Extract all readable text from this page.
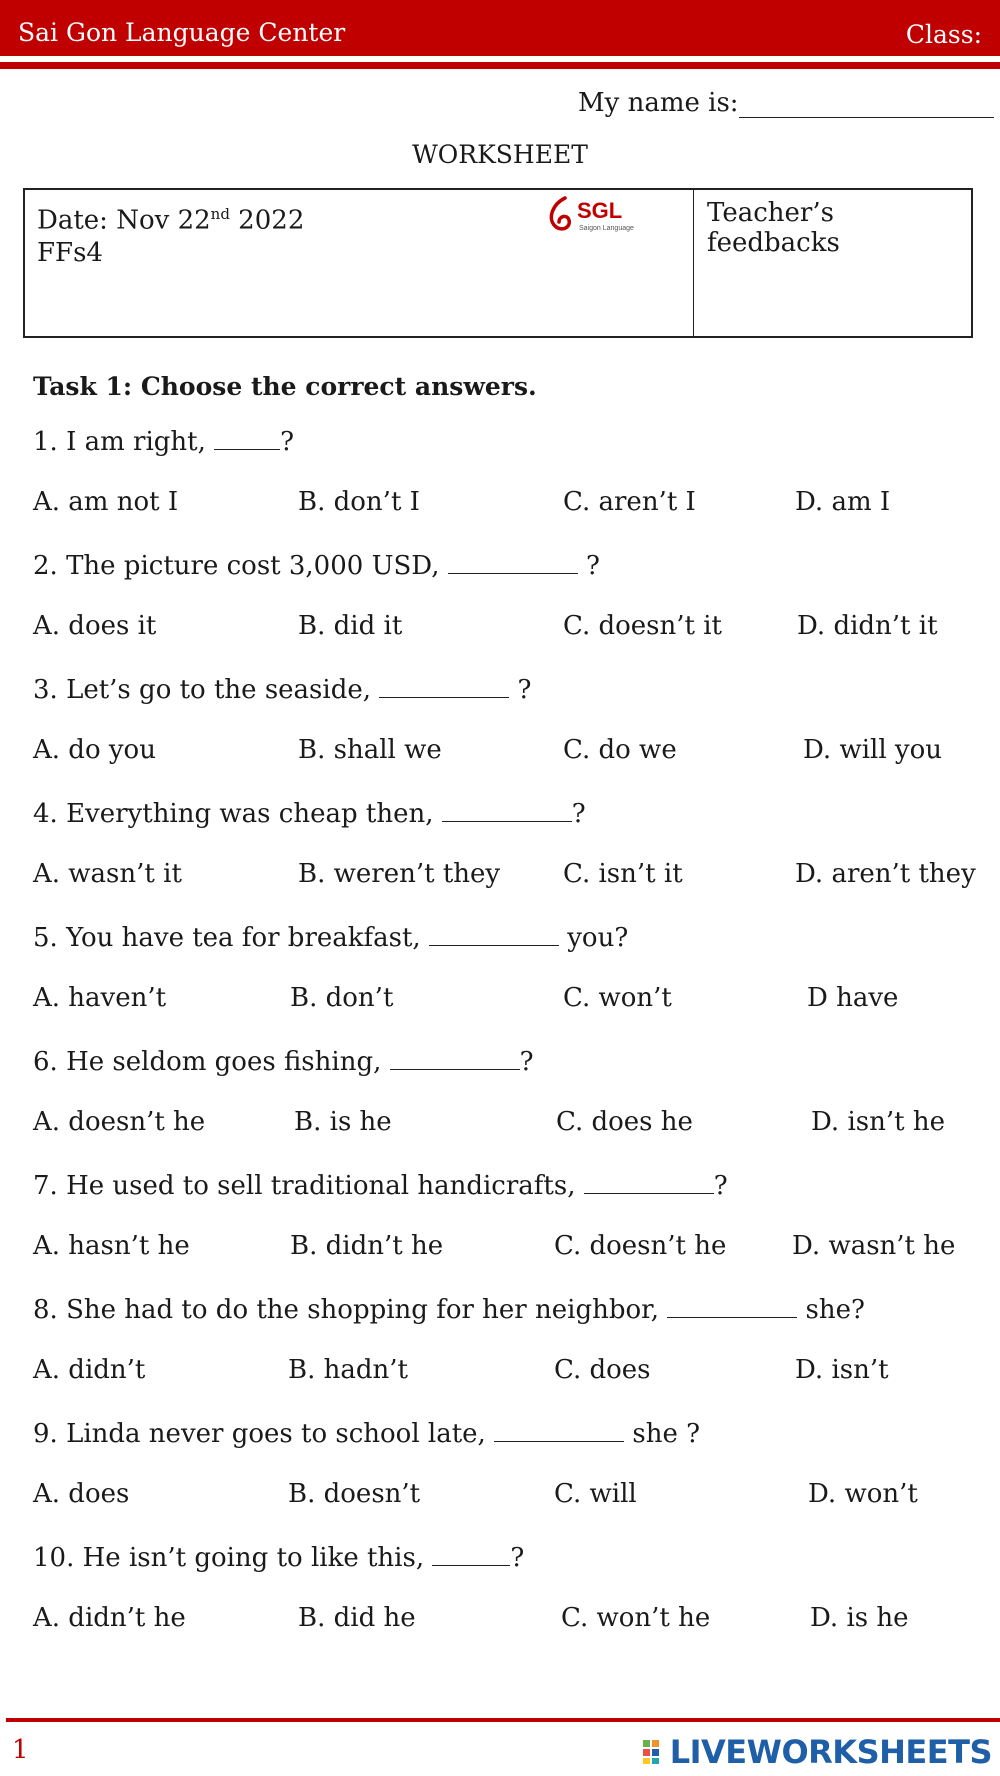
Sai Gon Language Center	Class:
My name is:
WORKSHEET
Date: Nov 22nd 2022
FFs4
SGL
Saigon Language
Teacher’s feedbacks
Task 1: Choose the correct answers.
1. I am right,	?
A. am not I	B. don’t I	C. aren’t I	D. am I
2. The picture cost 3,000 USD,	?
A. does it	B. did it	C. doesn’t it	D. didn’t it
3. Let’s go to the seaside,	?
A. do you	B. shall we	C. do we	D. will you
4. Everything was cheap then,	?
A. wasn’t it	B. weren’t they C. isn’t it	D. aren’t they
5. You have tea for breakfast,	you?
A. haven’t	B. don’t	C. won’t	D have
6. He seldom goes fishing,	?
A. doesn’t he	B. is he	C. does he	D. isn’t he
7. He used to sell traditional handicrafts,	?
A. hasn’t he	B. didn’t he	C. doesn’t he	D. wasn’t he
8. She had to do the shopping for her neighbor,	she?
A. didn’t	B. hadn’t	C. does	D. isn’t
9. Linda never goes to school late,	she ?
A. does	B. doesn’t	C. will	D. won’t
10. He isn’t going to like this,	?
A. didn’t he	B. did he	C. won’t he	D. is he
1	LIVEWORKSHEETS
